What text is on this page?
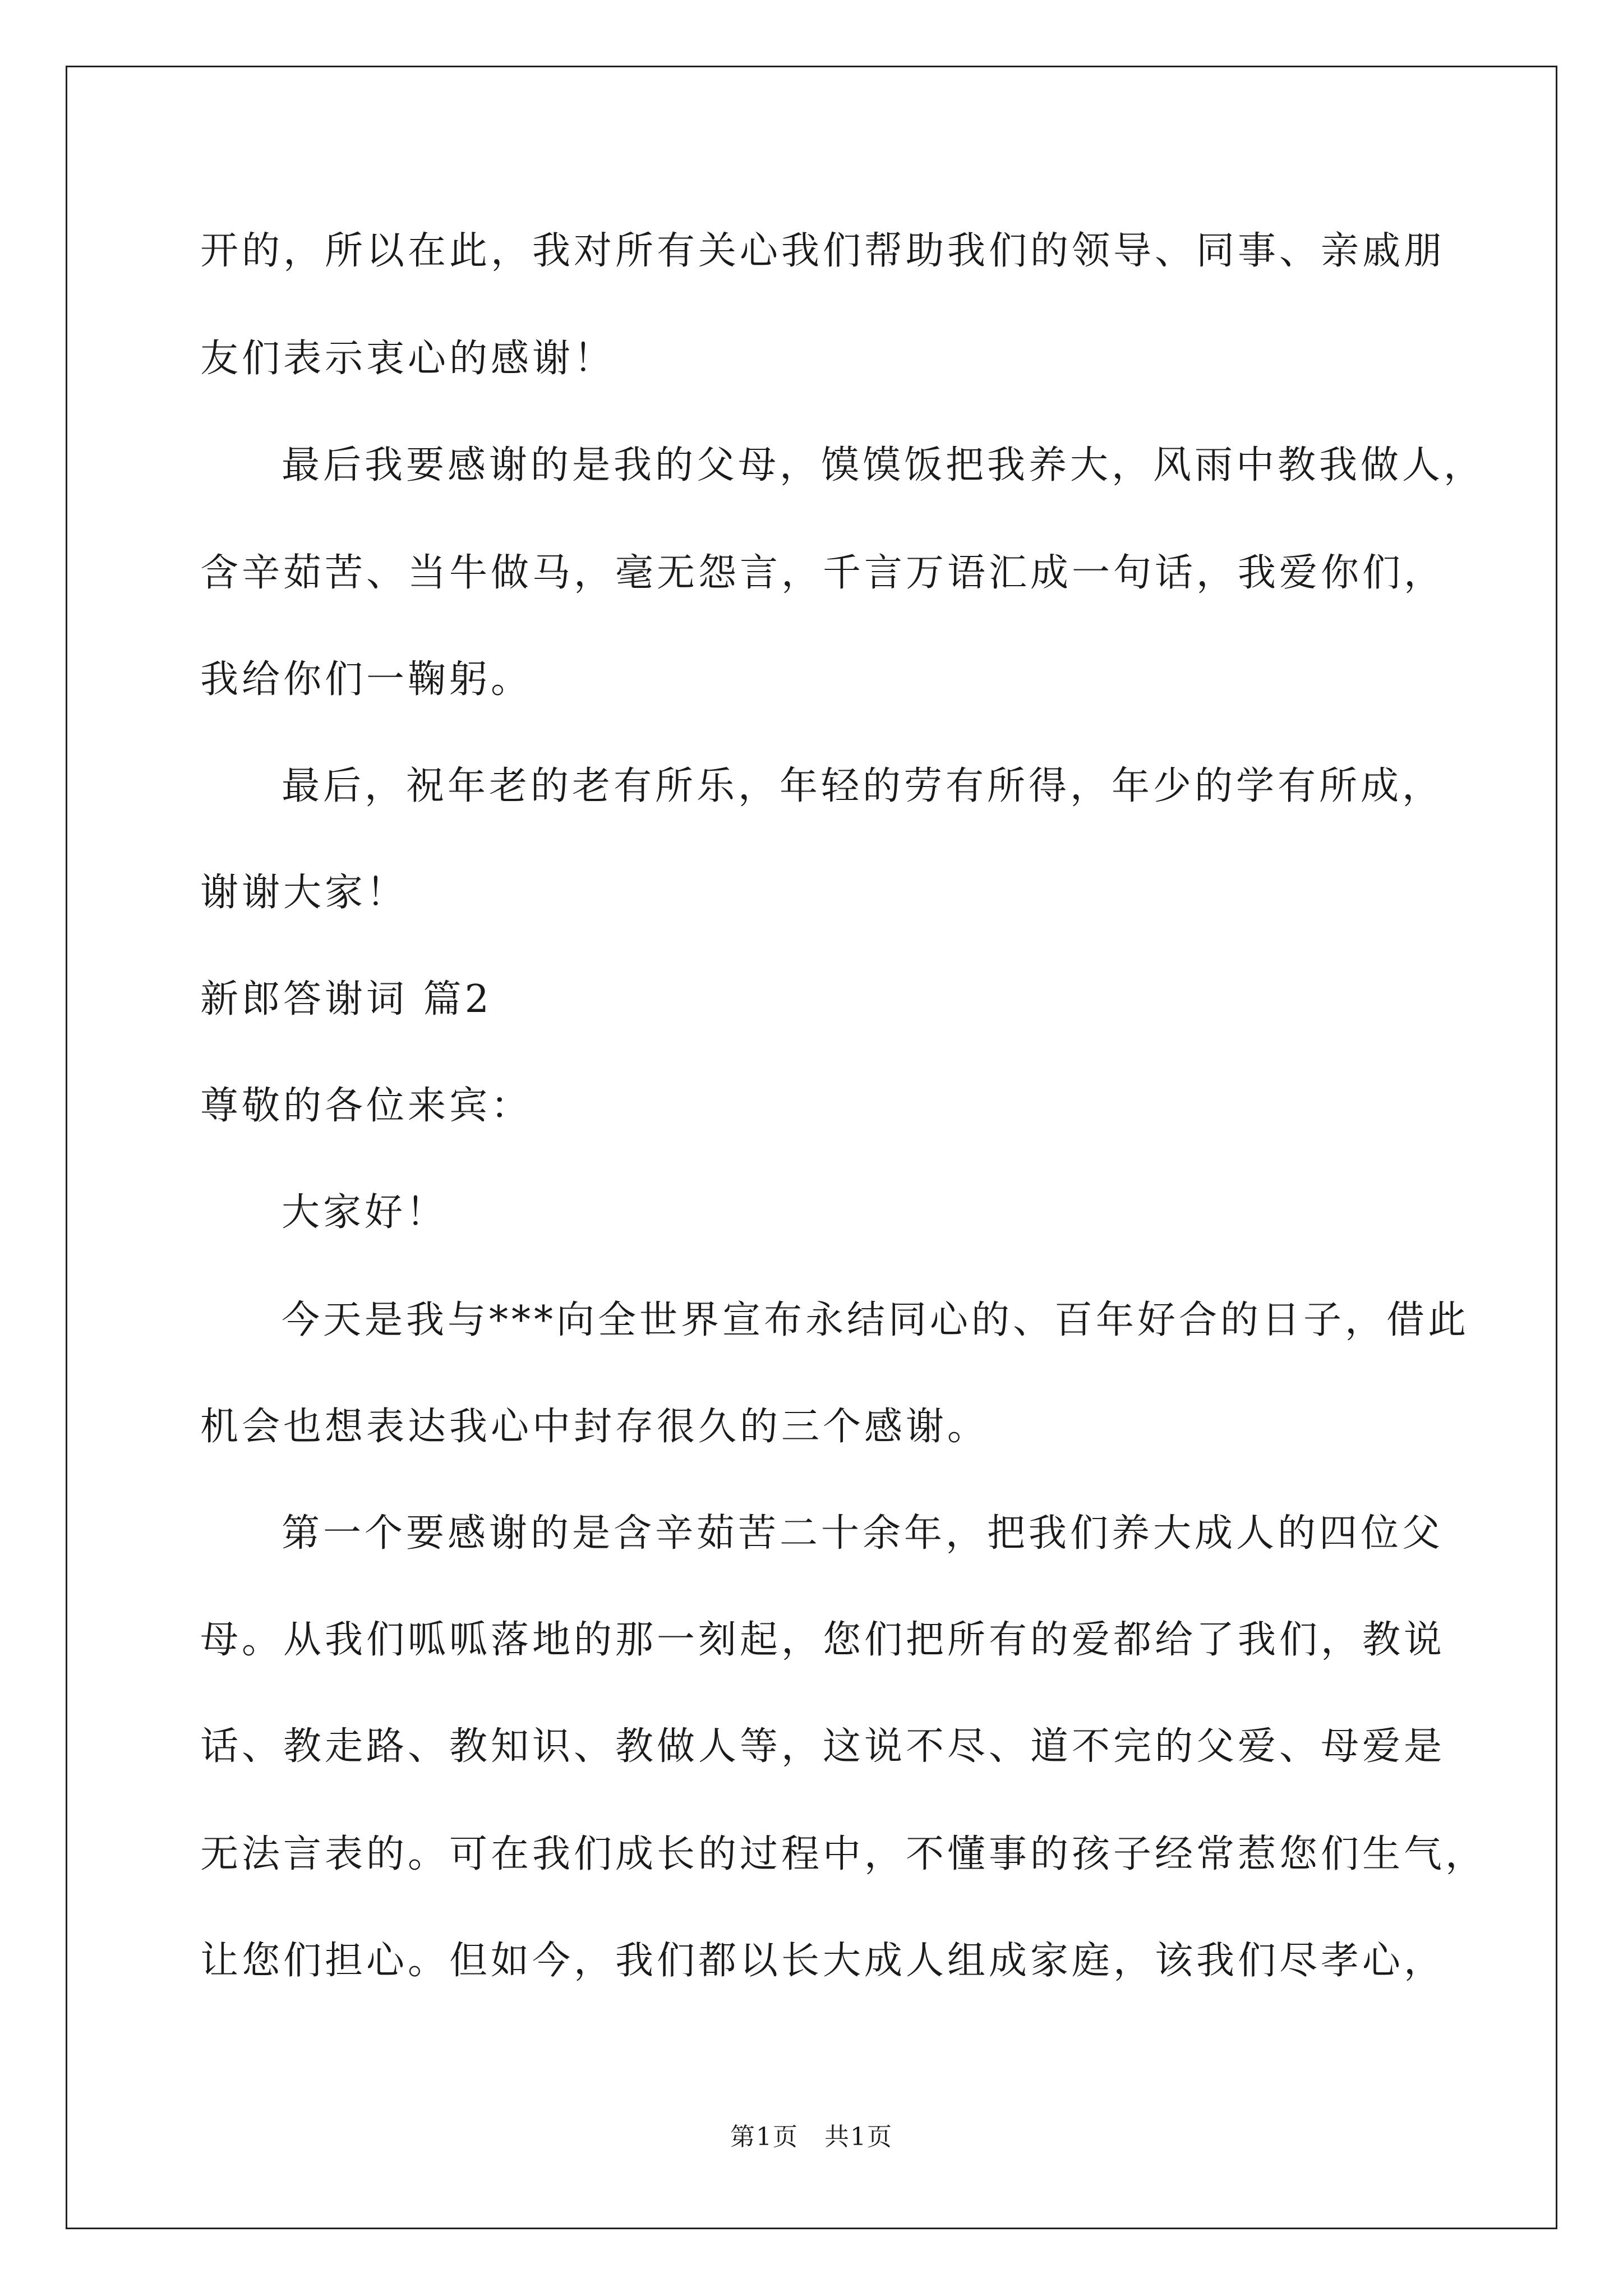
开的，所以在此，我对所有关心我们帮助我们的领导、同事、亲戚朋
友们表示衷心的感谢！
最后我要感谢的是我的父母，馍馍饭把我养大，风雨中教我做人，
含辛茹苦、当牛做马，毫无怨言，千言万语汇成一句话，我爱你们，
我给你们一鞠躬。
最后，祝年老的老有所乐，年轻的劳有所得，年少的学有所成，
谢谢大家！
新郎答谢词 篇2
尊敬的各位来宾：
大家好！
今天是我与***向全世界宣布永结同心的、百年好合的日子，借此
机会也想表达我心中封存很久的三个感谢。
第一个要感谢的是含辛茹苦二十余年，把我们养大成人的四位父
母。从我们呱呱落地的那一刻起，您们把所有的爱都给了我们，教说
话、教走路、教知识、教做人等，这说不尽、道不完的父爱、母爱是
无法言表的。可在我们成长的过程中，不懂事的孩子经常惹您们生气，
让您们担心。但如今，我们都以长大成人组成家庭，该我们尽孝心，
第1页　共1页
